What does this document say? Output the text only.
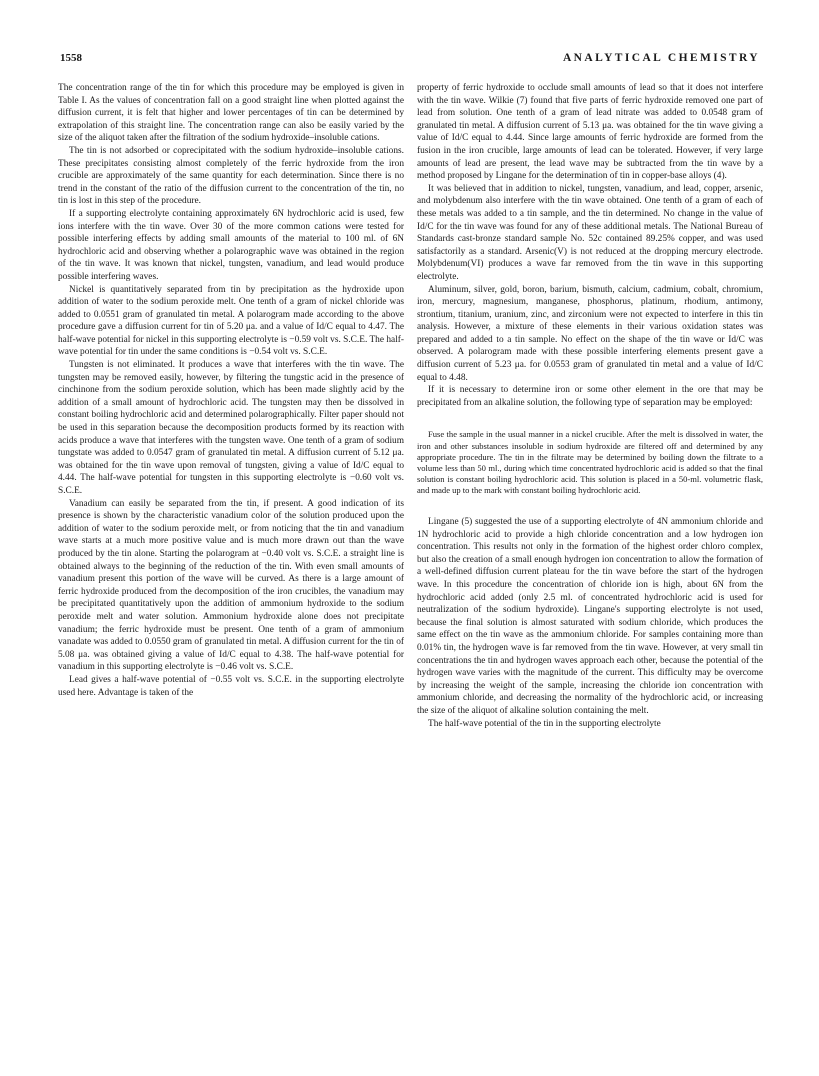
1558	ANALYTICAL CHEMISTRY

The concentration range of the tin for which this procedure may be employed is given in Table I. As the values of concentration fall on a good straight line when plotted against the diffusion current, it is felt that higher and lower percentages of tin can be determined by extrapolation of this straight line. The concentration range can also be easily varied by the size of the aliquot taken after the filtration of the sodium hydroxide–insoluble cations.

The tin is not adsorbed or coprecipitated with the sodium hydroxide–insoluble cations. These precipitates consisting almost completely of the ferric hydroxide from the iron crucible are approximately of the same quantity for each determination. Since there is no trend in the constant of the ratio of the diffusion current to the concentration of the tin, no tin is lost in this step of the procedure.

If a supporting electrolyte containing approximately 6N hydrochloric acid is used, few ions interfere with the tin wave. Over 30 of the more common cations were tested for possible interfering effects by adding small amounts of the material to 100 ml. of 6N hydrochloric acid and observing whether a polarographic wave was obtained in the region of the tin wave. It was known that nickel, tungsten, vanadium, and lead would produce possible interfering waves.

Nickel is quantitatively separated from tin by precipitation as the hydroxide upon addition of water to the sodium peroxide melt. One tenth of a gram of nickel chloride was added to 0.0551 gram of granulated tin metal. A polarogram made according to the above procedure gave a diffusion current for tin of 5.20 μa. and a value of Id/C equal to 4.47. The half-wave potential for nickel in this supporting electrolyte is −0.59 volt vs. S.C.E. The half-wave potential for tin under the same conditions is −0.54 volt vs. S.C.E.

Tungsten is not eliminated. It produces a wave that interferes with the tin wave. The tungsten may be removed easily, however, by filtering the tungstic acid in the presence of cinchinone from the sodium peroxide solution, which has been made slightly acid by the addition of a small amount of hydrochloric acid. The tungsten may then be dissolved in constant boiling hydrochloric acid and determined polarographically. Filter paper should not be used in this separation because the decomposition products formed by its reaction with acids produce a wave that interferes with the tungsten wave. One tenth of a gram of sodium tungstate was added to 0.0547 gram of granulated tin metal. A diffusion current of 5.12 μa. was obtained for the tin wave upon removal of tungsten, giving a value of Id/C equal to 4.44. The half-wave potential for tungsten in this supporting electrolyte is −0.60 volt vs. S.C.E.

Vanadium can easily be separated from the tin, if present. A good indication of its presence is shown by the characteristic vanadium color of the solution produced upon the addition of water to the sodium peroxide melt, or from noticing that the tin and vanadium wave starts at a much more positive value and is much more drawn out than the wave produced by the tin alone. Starting the polarogram at −0.40 volt vs. S.C.E. a straight line is obtained always to the beginning of the reduction of the tin. With even small amounts of vanadium present this portion of the wave will be curved. As there is a large amount of ferric hydroxide produced from the decomposition of the iron crucibles, the vanadium may be precipitated quantitatively upon the addition of ammonium hydroxide to the sodium peroxide melt and water solution. Ammonium hydroxide alone does not precipitate vanadium; the ferric hydroxide must be present. One tenth of a gram of ammonium vanadate was added to 0.0550 gram of granulated tin metal. A diffusion current for the tin of 5.08 μa. was obtained giving a value of Id/C equal to 4.38. The half-wave potential for vanadium in this supporting electrolyte is −0.46 volt vs. S.C.E.

Lead gives a half-wave potential of −0.55 volt vs. S.C.E. in the supporting electrolyte used here. Advantage is taken of the

property of ferric hydroxide to occlude small amounts of lead so that it does not interfere with the tin wave. Wilkie (7) found that five parts of ferric hydroxide removed one part of lead from solution. One tenth of a gram of lead nitrate was added to 0.0548 gram of granulated tin metal. A diffusion current of 5.13 μa. was obtained for the tin wave giving a value of Id/C equal to 4.44. Since large amounts of ferric hydroxide are formed from the fusion in the iron crucible, large amounts of lead can be tolerated. However, if very large amounts of lead are present, the lead wave may be subtracted from the tin wave by a method proposed by Lingane for the determination of tin in copper-base alloys (4).

It was believed that in addition to nickel, tungsten, vanadium, and lead, copper, arsenic, and molybdenum also interfere with the tin wave obtained. One tenth of a gram of each of these metals was added to a tin sample, and the tin determined. No change in the value of Id/C for the tin wave was found for any of these additional metals. The National Bureau of Standards cast-bronze standard sample No. 52c contained 89.25% copper, and was used satisfactorily as a standard. Arsenic(V) is not reduced at the dropping mercury electrode. Molybdenum(VI) produces a wave far removed from the tin wave in this supporting electrolyte.

Aluminum, silver, gold, boron, barium, bismuth, calcium, cadmium, cobalt, chromium, iron, mercury, magnesium, manganese, phosphorus, platinum, rhodium, antimony, strontium, titanium, uranium, zinc, and zirconium were not expected to interfere in this tin analysis. However, a mixture of these elements in their various oxidation states was prepared and added to a tin sample. No effect on the shape of the tin wave or Id/C was observed. A polarogram made with these possible interfering elements present gave a diffusion current of 5.23 μa. for 0.0553 gram of granulated tin metal and a value of Id/C equal to 4.48.

If it is necessary to determine iron or some other element in the ore that may be precipitated from an alkaline solution, the following type of separation may be employed:

Fuse the sample in the usual manner in a nickel crucible. After the melt is dissolved in water, the iron and other substances insoluble in sodium hydroxide are filtered off and determined by any appropriate procedure. The tin in the filtrate may be determined by boiling down the filtrate to a volume less than 50 ml., during which time concentrated hydrochloric acid is added so that the final solution is constant boiling hydrochloric acid. This solution is placed in a 50-ml. volumetric flask, and made up to the mark with constant boiling hydrochloric acid.

Lingane (5) suggested the use of a supporting electrolyte of 4N ammonium chloride and 1N hydrochloric acid to provide a high chloride concentration and a low hydrogen ion concentration. This results not only in the formation of the highest order chloro complex, but also the creation of a small enough hydrogen ion concentration to allow the formation of a well-defined diffusion current plateau for the tin wave before the start of the hydrogen wave. In this procedure the concentration of chloride ion is high, about 6N from the hydrochloric acid added (only 2.5 ml. of concentrated hydrochloric acid is used for neutralization of the sodium hydroxide). Lingane's supporting electrolyte is not used, because the final solution is almost saturated with sodium chloride, which produces the same effect on the tin wave as the ammonium chloride. For samples containing more than 0.01% tin, the hydrogen wave is far removed from the tin wave. However, at very small tin concentrations the tin and hydrogen waves approach each other, because the potential of the hydrogen wave varies with the magnitude of the current. This difficulty may be overcome by increasing the weight of the sample, increasing the chloride ion concentration with ammonium chloride, and decreasing the normality of the hydrochloric acid, or increasing the size of the aliquot of alkaline solution containing the melt.

The half-wave potential of the tin in the supporting electrolyte
